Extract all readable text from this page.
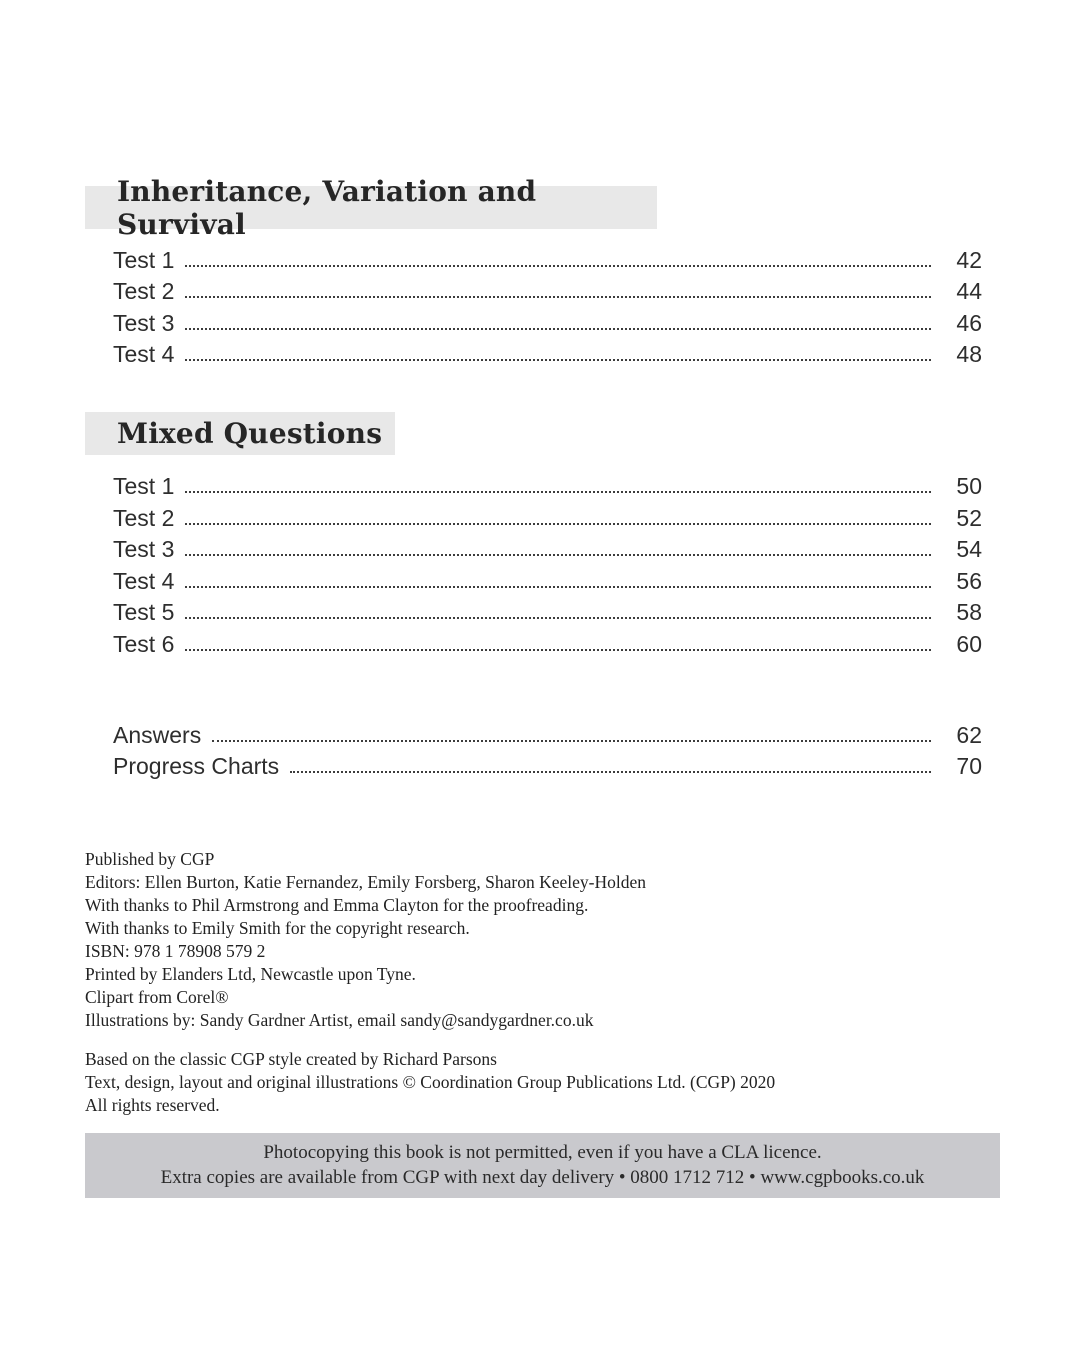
Inheritance, Variation and Survival
Test 1	42
Test 2	44
Test 3	46
Test 4	48
Mixed Questions
Test 1	50
Test 2	52
Test 3	54
Test 4	56
Test 5	58
Test 6	60
Answers	62
Progress Charts	70

Published by CGP

Editors: Ellen Burton, Katie Fernandez, Emily Forsberg, Sharon Keeley-Holden

With thanks to Phil Armstrong and Emma Clayton for the proofreading.

With thanks to Emily Smith for the copyright research.

ISBN: 978 1 78908 579 2

Printed by Elanders Ltd, Newcastle upon Tyne.

Clipart from Corel®

Illustrations by: Sandy Gardner Artist, email sandy@sandygardner.co.uk

Based on the classic CGP style created by Richard Parsons

Text, design, layout and original illustrations © Coordination Group Publications Ltd. (CGP) 2020

All rights reserved.

Photocopying this book is not permitted, even if you have a CLA licence.
Extra copies are available from CGP with next day delivery • 0800 1712 712 • www.cgpbooks.co.uk
